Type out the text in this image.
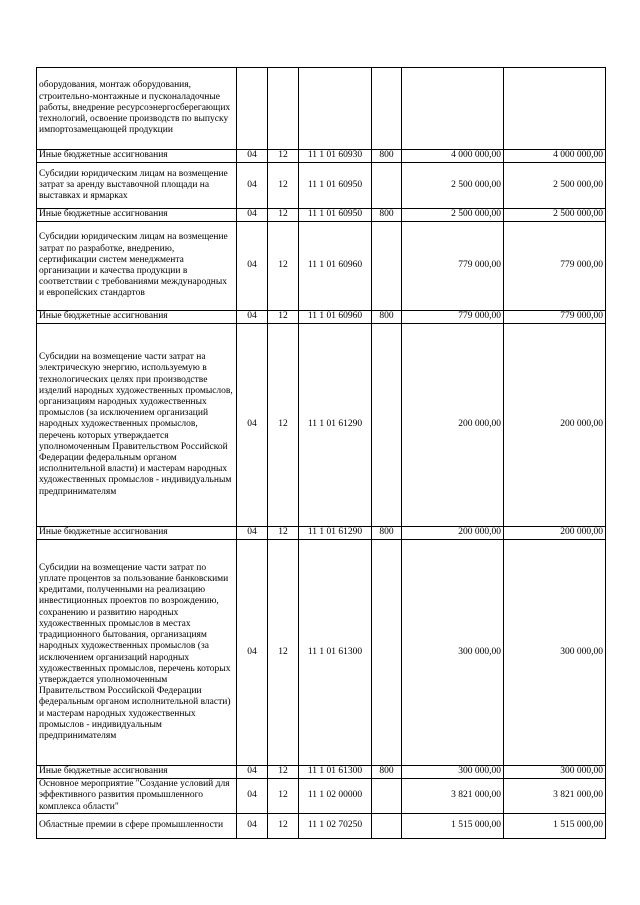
оборудования, монтаж оборудования, строительно-монтажные и пусконаладочные работы, внедрение ресурсоэнергосберегающих технологий, освоение производств по выпуску импортозамещающей продукции						
Иные бюджетные ассигнования	04	12	11 1 01 60930	800	4 000 000,00	4 000 000,00
Субсидии юридическим лицам на возмещение затрат за аренду выставочной площади на выставках и ярмарках	04	12	11 1 01 60950		2 500 000,00	2 500 000,00
Иные бюджетные ассигнования	04	12	11 1 01 60950	800	2 500 000,00	2 500 000,00
Субсидии юридическим лицам на возмещение затрат по разработке, внедрению, сертификации систем менеджмента организации и качества продукции в соответствии с требованиями международных и европейских стандартов	04	12	11 1 01 60960		779 000,00	779 000,00
Иные бюджетные ассигнования	04	12	11 1 01 60960	800	779 000,00	779 000,00
Субсидии на возмещение части затрат на электрическую энергию, используемую в технологических целях при производстве изделий народных художественных промыслов, организациям народных художественных промыслов (за исключением организаций народных художественных промыслов, перечень которых утверждается уполномоченным Правительством Российской Федерации федеральным органом исполнительной власти) и мастерам народных художественных промыслов - индивидуальным предпринимателям	04	12	11 1 01 61290		200 000,00	200 000,00
Иные бюджетные ассигнования	04	12	11 1 01 61290	800	200 000,00	200 000,00
Субсидии на возмещение части затрат по уплате процентов за пользование банковскими кредитами, полученными на реализацию инвестиционных проектов по возрождению, сохранению и развитию народных художественных промыслов в местах традиционного бытования, организациям народных художественных промыслов (за исключением организаций народных художественных промыслов, перечень которых утверждается уполномоченным Правительством Российской Федерации федеральным органом исполнительной власти) и мастерам народных художественных промыслов - индивидуальным предпринимателям	04	12	11 1 01 61300		300 000,00	300 000,00
Иные бюджетные ассигнования	04	12	11 1 01 61300	800	300 000,00	300 000,00
Основное мероприятие "Создание условий для эффективного развития промышленного комплекса области"	04	12	11 1 02 00000		3 821 000,00	3 821 000,00
Областные премии в сфере промышленности	04	12	11 1 02 70250		1 515 000,00	1 515 000,00
